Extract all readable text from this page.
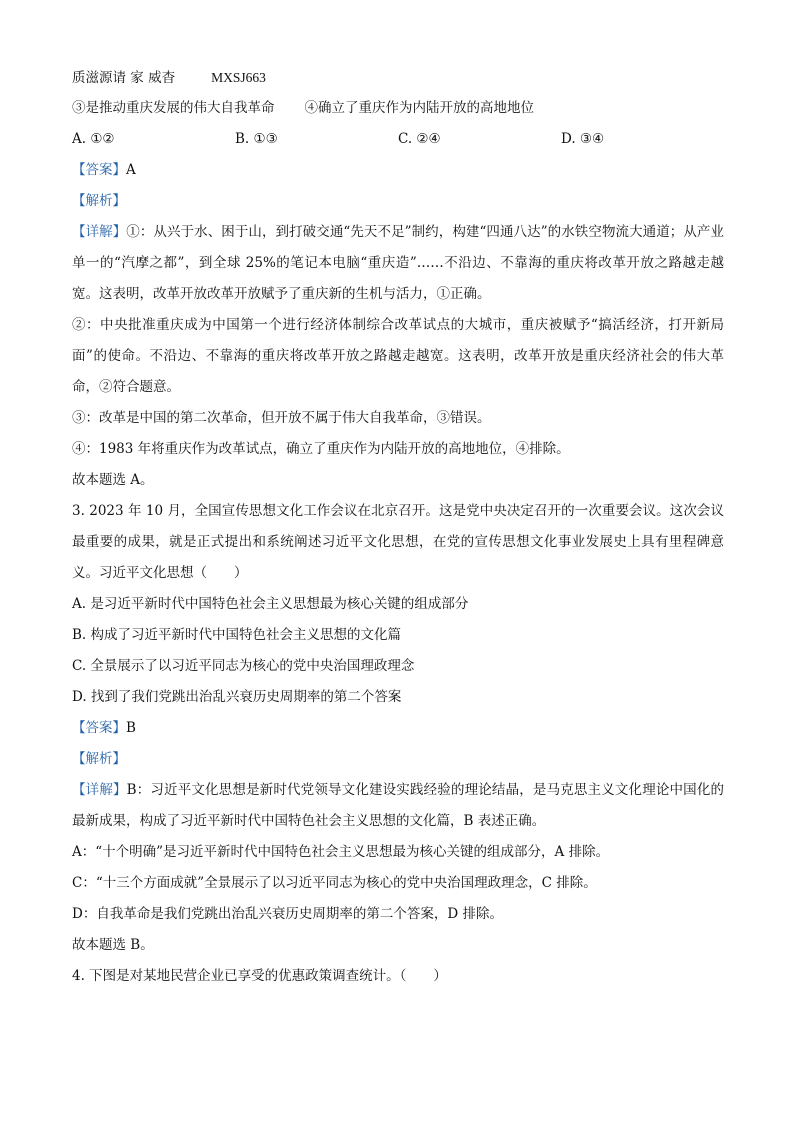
质滋源请 家 威杳	MXSJ663
③是推动重庆发展的伟大自我革命 ④确立了重庆作为内陆开放的高地地位
A. ①②	B. ①③	C. ②④	D. ③④
【答案】A
【解析】
【详解】①：从兴于水、困于山，到打破交通“先天不足”制约，构建“四通八达”的水铁空物流大通道；从产业单一的“汽摩之都”，到全球 25%的笔记本电脑“重庆造”……不沿边、不靠海的重庆将改革开放之路越走越宽。这表明，改革开放改革开放赋予了重庆新的生机与活力，①正确。
②：中央批准重庆成为中国第一个进行经济体制综合改革试点的大城市，重庆被赋予“搞活经济，打开新局面”的使命。不沿边、不靠海的重庆将改革开放之路越走越宽。这表明，改革开放是重庆经济社会的伟大革命，②符合题意。
③：改革是中国的第二次革命，但开放不属于伟大自我革命，③错误。
④：1983 年将重庆作为改革试点，确立了重庆作为内陆开放的高地地位，④排除。
故本题选 A。
3. 2023 年 10 月，全国宣传思想文化工作会议在北京召开。这是党中央决定召开的一次重要会议。这次会议最重要的成果，就是正式提出和系统阐述习近平文化思想，在党的宣传思想文化事业发展史上具有里程碑意义。习近平文化思想（　　）
A. 是习近平新时代中国特色社会主义思想最为核心关键的组成部分
B. 构成了习近平新时代中国特色社会主义思想的文化篇
C. 全景展示了以习近平同志为核心的党中央治国理政理念
D. 找到了我们党跳出治乱兴衰历史周期率的第二个答案
【答案】B
【解析】
【详解】B：习近平文化思想是新时代党领导文化建设实践经验的理论结晶，是马克思主义文化理论中国化的最新成果，构成了习近平新时代中国特色社会主义思想的文化篇，B 表述正确。
A：“十个明确”是习近平新时代中国特色社会主义思想最为核心关键的组成部分，A 排除。
C：“十三个方面成就”全景展示了以习近平同志为核心的党中央治国理政理念，C 排除。
D：自我革命是我们党跳出治乱兴衰历史周期率的第二个答案，D 排除。
故本题选 B。
4. 下图是对某地民营企业已享受的优惠政策调查统计。（　　）
